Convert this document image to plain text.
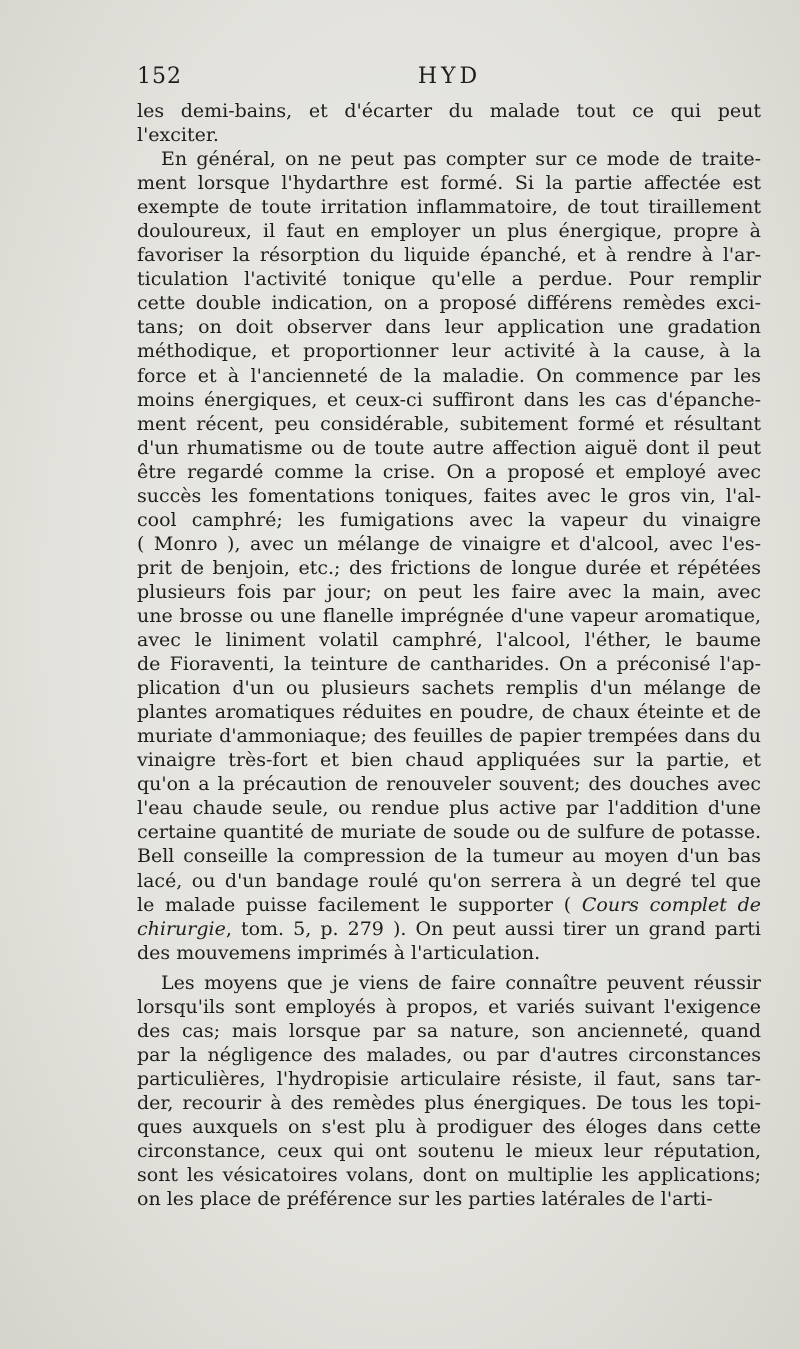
152	HYD
les demi-bains, et d'écarter du malade tout ce qui peut
l'exciter.
En général, on ne peut pas compter sur ce mode de traite-
ment lorsque l'hydarthre est formé. Si la partie affectée est
exempte de toute irritation inflammatoire, de tout tiraillement
douloureux, il faut en employer un plus énergique, propre à
favoriser la résorption du liquide épanché, et à rendre à l'ar-
ticulation l'activité tonique qu'elle a perdue. Pour remplir
cette double indication, on a proposé différens remèdes exci-
tans; on doit observer dans leur application une gradation
méthodique, et proportionner leur activité à la cause, à la
force et à l'ancienneté de la maladie. On commence par les
moins énergiques, et ceux-ci suffiront dans les cas d'épanche-
ment récent, peu considérable, subitement formé et résultant
d'un rhumatisme ou de toute autre affection aiguë dont il peut
être regardé comme la crise. On a proposé et employé avec
succès les fomentations toniques, faites avec le gros vin, l'al-
cool camphré; les fumigations avec la vapeur du vinaigre
( Monro ), avec un mélange de vinaigre et d'alcool, avec l'es-
prit de benjoin, etc.; des frictions de longue durée et répétées
plusieurs fois par jour; on peut les faire avec la main, avec
une brosse ou une flanelle imprégnée d'une vapeur aromatique,
avec le liniment volatil camphré, l'alcool, l'éther, le baume
de Fioraventi, la teinture de cantharides. On a préconisé l'ap-
plication d'un ou plusieurs sachets remplis d'un mélange de
plantes aromatiques réduites en poudre, de chaux éteinte et de
muriate d'ammoniaque; des feuilles de papier trempées dans du
vinaigre très-fort et bien chaud appliquées sur la partie, et
qu'on a la précaution de renouveler souvent; des douches avec
l'eau chaude seule, ou rendue plus active par l'addition d'une
certaine quantité de muriate de soude ou de sulfure de potasse.
Bell conseille la compression de la tumeur au moyen d'un bas
lacé, ou d'un bandage roulé qu'on serrera à un degré tel que
le malade puisse facilement le supporter ( Cours complet de
chirurgie, tom. 5, p. 279 ). On peut aussi tirer un grand parti
des mouvemens imprimés à l'articulation.
Les moyens que je viens de faire connaître peuvent réussir
lorsqu'ils sont employés à propos, et variés suivant l'exigence
des cas; mais lorsque par sa nature, son ancienneté, quand
par la négligence des malades, ou par d'autres circonstances
particulières, l'hydropisie articulaire résiste, il faut, sans tar-
der, recourir à des remèdes plus énergiques. De tous les topi-
ques auxquels on s'est plu à prodiguer des éloges dans cette
circonstance, ceux qui ont soutenu le mieux leur réputation,
sont les vésicatoires volans, dont on multiplie les applications;
on les place de préférence sur les parties latérales de l'arti-
